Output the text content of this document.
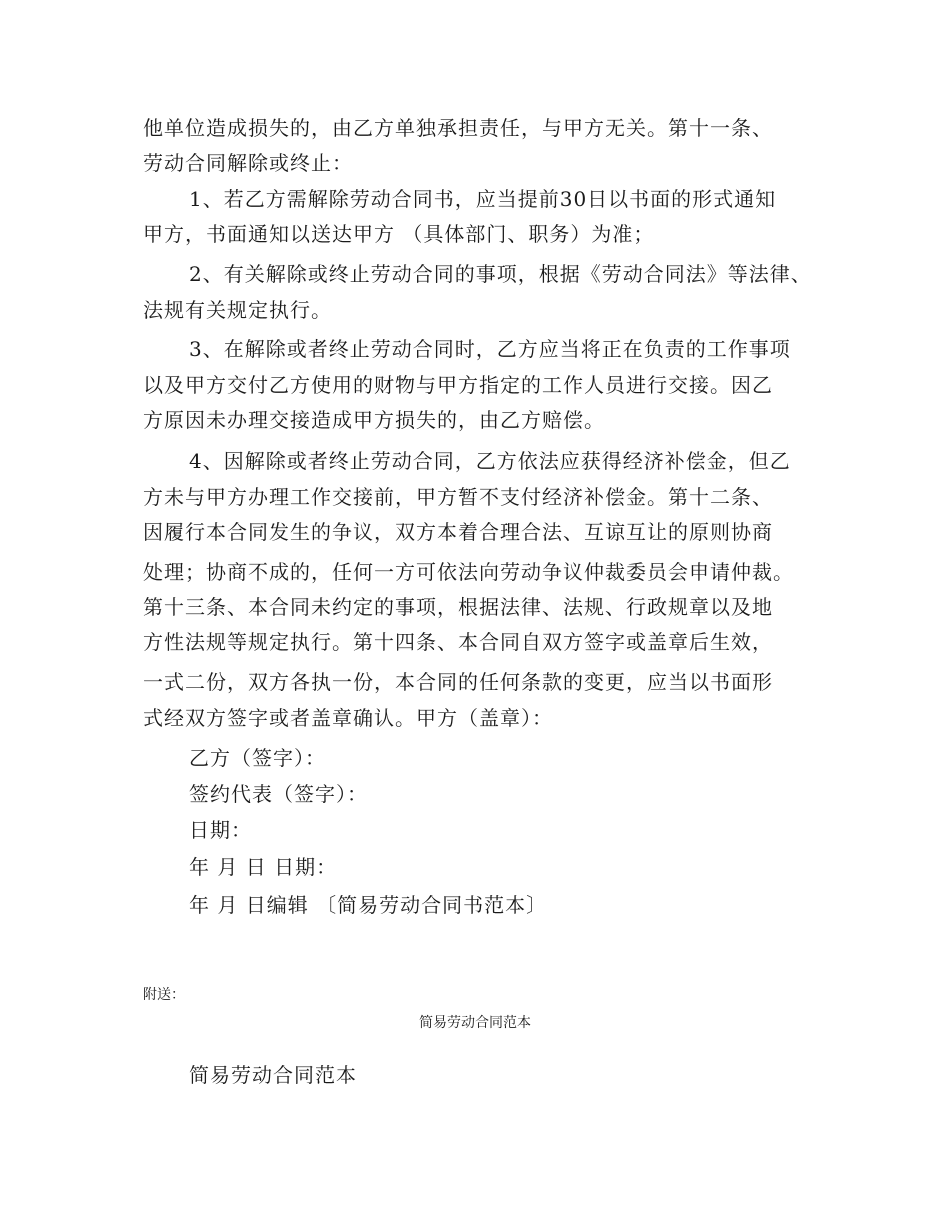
他单位造成损失的，由乙方单独承担责任，与甲方无关。第十一条、
劳动合同解除或终止：
1、若乙方需解除劳动合同书，应当提前30日以书面的形式通知
甲方，书面通知以送达甲方 （具体部门、职务）为准；
2、有关解除或终止劳动合同的事项，根据《劳动合同法》等法律、
法规有关规定执行。
3、在解除或者终止劳动合同时，乙方应当将正在负责的工作事项
以及甲方交付乙方使用的财物与甲方指定的工作人员进行交接。因乙
方原因未办理交接造成甲方损失的，由乙方赔偿。
4、因解除或者终止劳动合同，乙方依法应获得经济补偿金，但乙
方未与甲方办理工作交接前，甲方暂不支付经济补偿金。第十二条、
因履行本合同发生的争议，双方本着合理合法、互谅互让的原则协商
处理；协商不成的，任何一方可依法向劳动争议仲裁委员会申请仲裁。
第十三条、本合同未约定的事项，根据法律、法规、行政规章以及地
方性法规等规定执行。第十四条、本合同自双方签字或盖章后生效，
一式二份，双方各执一份，本合同的任何条款的变更，应当以书面形
式经双方签字或者盖章确认。甲方（盖章）：
乙方（签字）：
签约代表（签字）：
日期：
年 月 日 日期：
年 月 日编辑 〔简易劳动合同书范本〕
附送：
简易劳动合同范本
简易劳动合同范本
